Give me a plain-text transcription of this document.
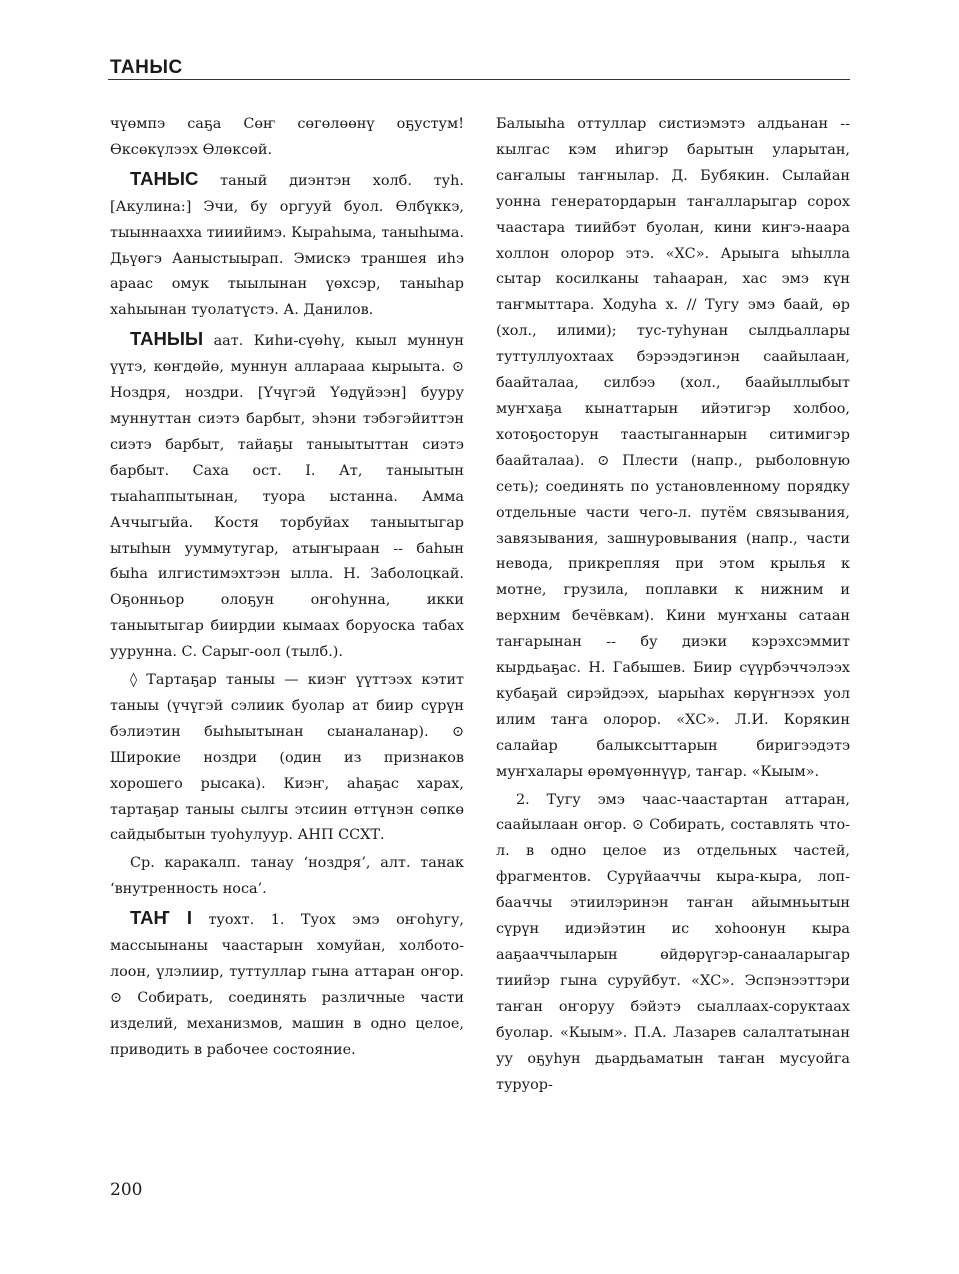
ТАНЫС

чүөмпэ саҕа Сөҥ сөгөлөөнү оҕустум! Өксөкүлээх Өлөксөй.

ТАНЫС таный диэнтэн холб. туһ. [Акулина:] Эчи, бу оргууй буол. Өлбүккэ, тыыннаахха тииийимэ. Кыраһыма, таныһыма. Дьүөгэ Ааныстыырап. Эмискэ траншея иһэ араас омук тыылынан үөхсэр, таныһар хаһыынан туолатүстэ. А. Данилов.

ТАНЫЫ аат. Киһи-сүөһү, кыыл муннун үүтэ, көҥдөйө, муннун алларааа кырыыта. ⊙ Ноздря, ноздри. [Үчүгэй Үөдүйээн] бууру муннуттан сиэтэ барбыт, эһэни тэбэгэйиттэн сиэтэ барбыт, тайаҕы таныытыттан сиэтэ барбыт. Саха ост. I. Ат, таныытын тыаһаппытынан, туора ыстанна. Амма Аччыгыйа. Костя торбуйах таныытыгар ытыһын ууммутугар, атыҥыраан -- баһын быһа илгистимэхтээн ылла. Н. Заболоцкай. Оҕонньор олоҕун оҥоһунна, икки таныытыгар биирдии кымаах боруоска табах уурунна. С. Сарыг-оол (тылб.).

◊ Тартаҕар таныы — киэҥ үүттээх кэтит таныы (үчүгэй сэлиик буолар ат биир сүрүн бэлиэтин быһыытынан сыаналанар). ⊙ Широкие ноздри (один из признаков хорошего рысака). Киэҥ, аһаҕас харах, тартаҕар таныы сылгы этсиин өттүнэн сөпкө сайдыбытын туоһулуур. АНП ССХТ.

Ср. каракалп. танау ‘ноздря’, алт. танак ‘внутренность носа’.

ТАҤ I туохт. 1. Туох эмэ оҥоһугу, массыынаны чаастарын хомуйан, холботолоон, үлэлиир, туттуллар гына аттаран оҥор. ⊙ Собирать, соединять различные части изделий, механизмов, машин в одно целое, приводить в рабочее состояние.

Балыыһа оттуллар систиэмэтэ алдьанан -- кылгас кэм иһигэр барытын уларытан, саҥалыы таҥнылар. Д. Бубякин. Сылайан уонна генератордарын таҥалларыгар сорох чаастара тиийбэт буолан, кини киҥэ-наара холлон олорор этэ. «ХС». Арыыга ыһылла сытар косилканы таһааран, хас эмэ күн таҥмыттара. Ходуһа х. // Тугу эмэ баай, өр (хол., илими); тус-туһунан сылдьаллары туттуллуохтаах бэрээдэгинэн саайылаан, баайталаа, силбээ (хол., баайыллыбыт муҥхаҕа кынаттарын ийэтигэр холбоо, хотоҕосторун таастыганнарын ситимигэр баайталаа). ⊙ Плести (напр., рыболовную сеть); соединять по установленному порядку отдельные части чего-л. путём связывания, завязывания, зашнуровывания (напр., части невода, прикрепляя при этом крылья к мотне, грузила, поплавки к нижним и верхним бечёвкам). Кини муҥханы сатаан таҥарынан -- бу диэки кэрэхсэммит кырдьаҕас. Н. Габышев. Биир сүүрбэччэлээх кубаҕай сирэйдээх, ыарыһах көрүҥнээх уол илим таҥа олорор. «ХС». Л.И. Корякин салайар балыксыттарын биригээдэтэ муҥхалары өрөмүөннүүр, таҥар. «Кыым».

2. Тугу эмэ чаас-чаастартан аттаран, саайылаан оҥор. ⊙ Собирать, составлять что-л. в одно целое из отдельных частей, фрагментов. Сурүйааччы кыра-кыра, лоп-бааччы этиилэринэн таҥан айымньытын сүрүн идиэйэтин ис хоһоонун кыра ааҕааччыларын өйдөрүгэр-санааларыгар тиийэр гына суруйбут. «ХС». Эспэнээттэри таҥан оҥоруу бэйэтэ сыаллаах-соруктаах буолар. «Кыым». П.А. Лазарев салалтатынан уу оҕуһун дьардьаматын таҥан мусуойга туруор-

200
